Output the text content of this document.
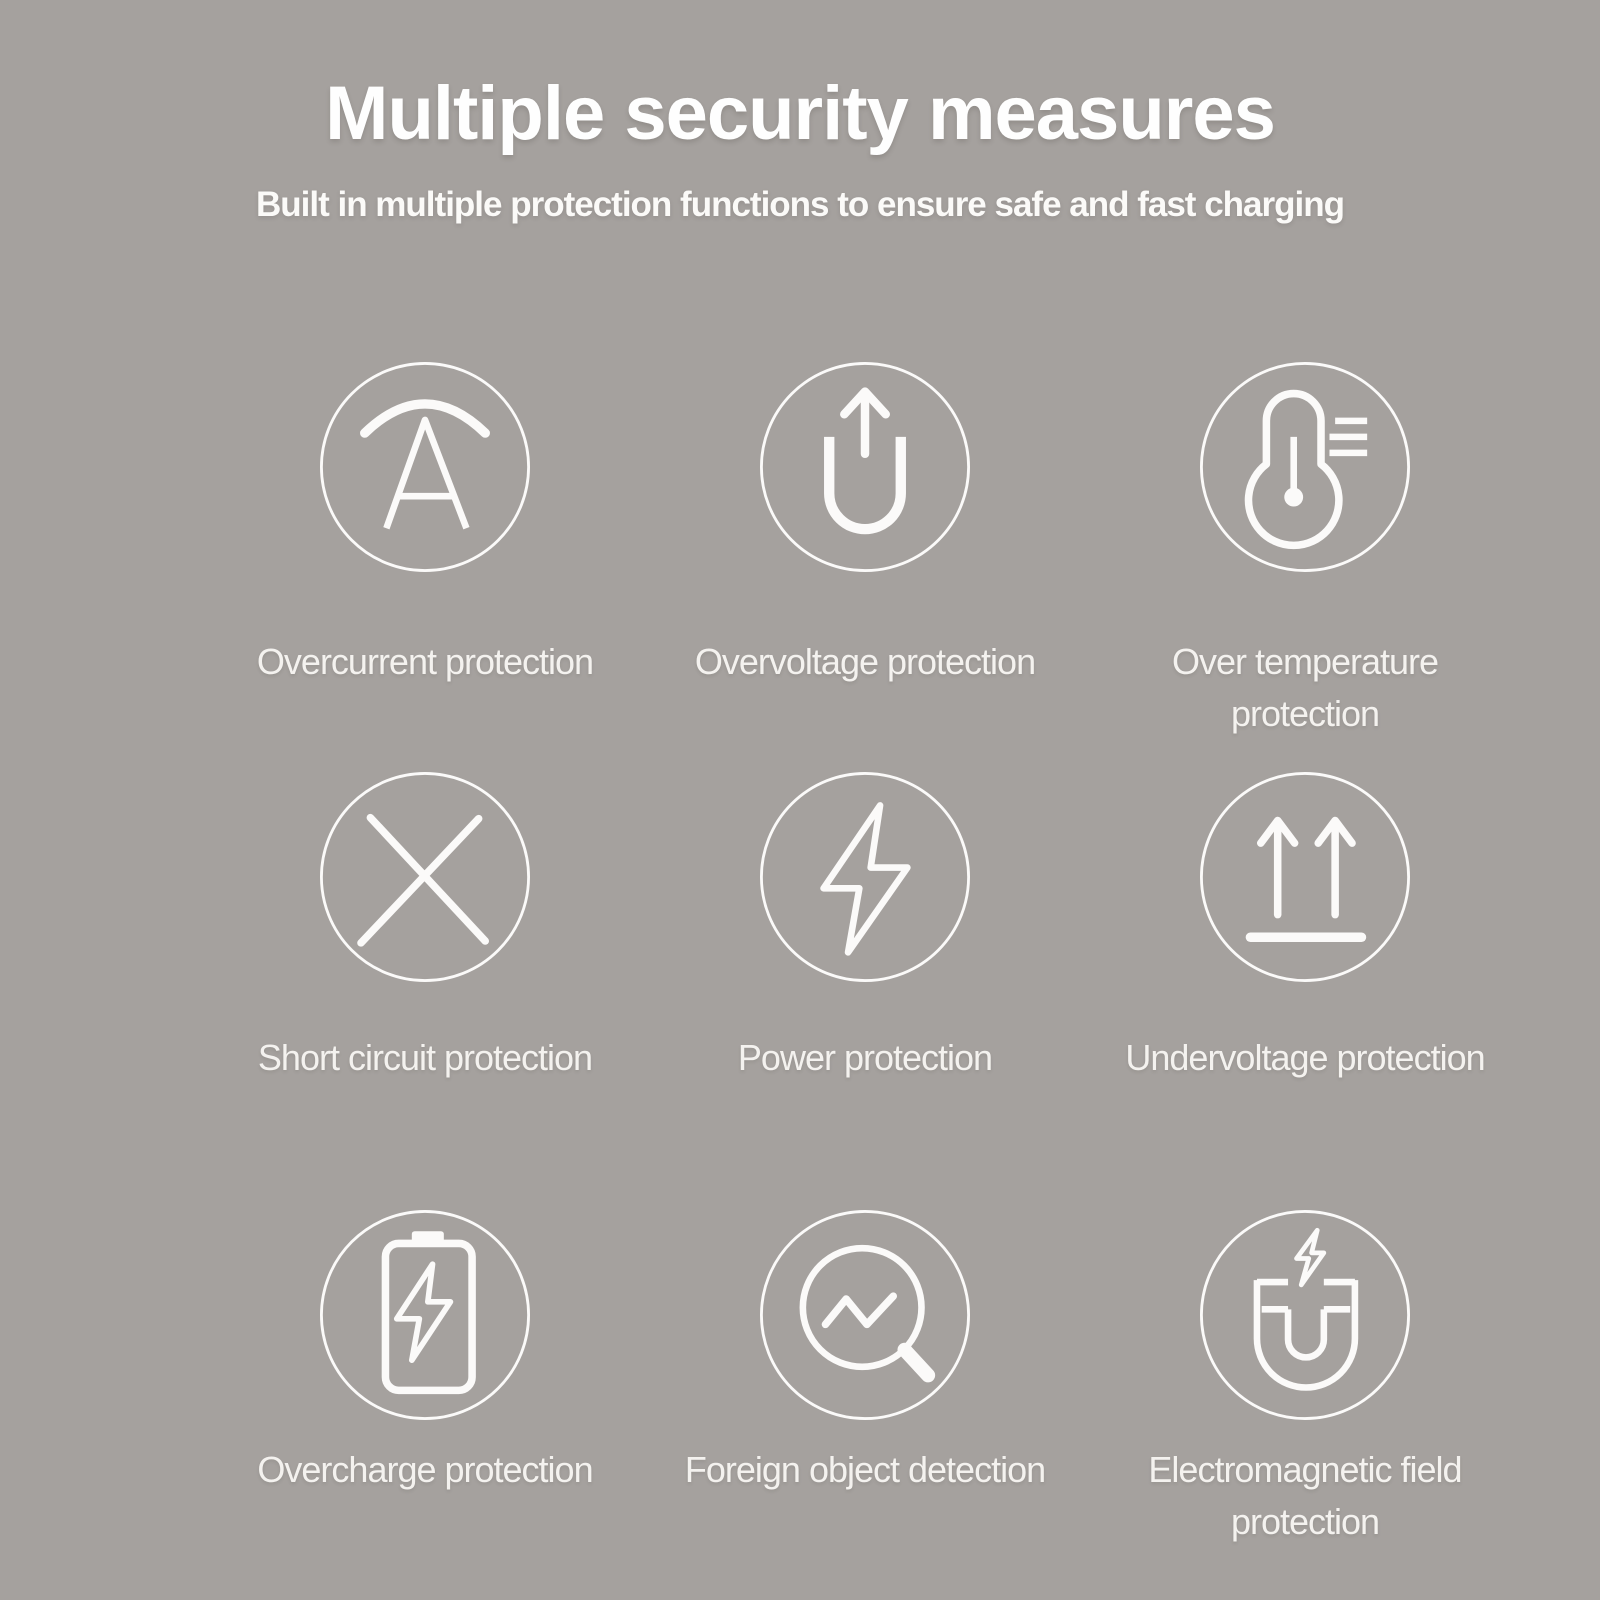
Multiple security measures

Built in multiple protection functions to ensure safe and fast charging

Overcurrent protection	Overvoltage protection	Over temperature protection
Short circuit protection	Power protection	Undervoltage protection
Overcharge protection	Foreign object detection	Electromagnetic field protection
